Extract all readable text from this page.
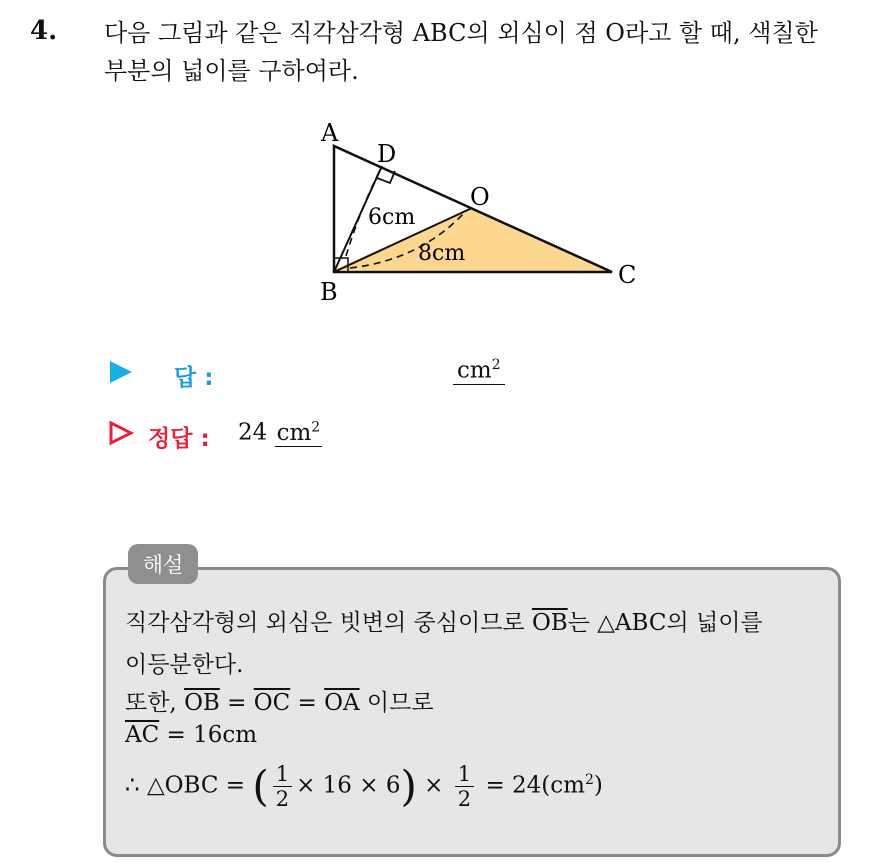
4. 다음 그림과 같은 직각삼각형 ABC의 외심이 점 O라고 할 때, 색칠한
부분의 넓이를 구하여라.
A
D
O
B
C
6cm
8cm
답 :	$cm^2$
정답 : 24 $cm^2$
해설
직각삼각형의 외심은 빗변의 중심이므로 $\overline{OB}$는 △ABC의 넓이를
이등분한다.
또한, $\overline{OB} = \overline{OC} = \overline{OA}$ 이므로
$\overline{AC} = 16cm$
∴ △OBC = ( $\frac{1}{2} \times 16 \times 6) \times \frac{1}{2} = 24(cm^2)$
